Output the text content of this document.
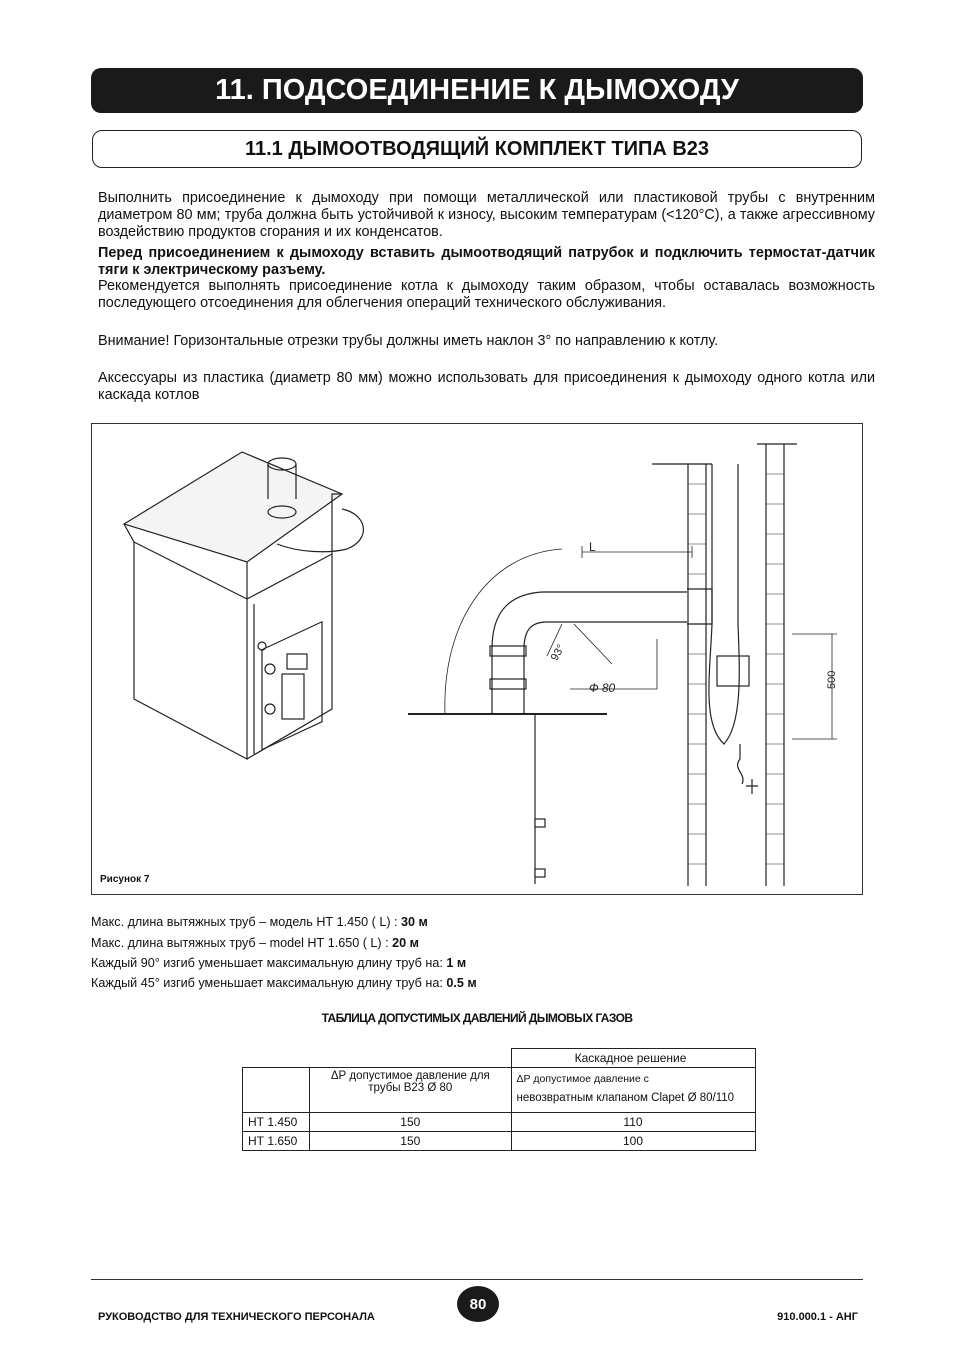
11. ПОДСОЕДИНЕНИЕ К ДЫМОХОДУ
11.1 ДЫМООТВОДЯЩИЙ КОМПЛЕКТ ТИПА В23

Выполнить присоединение к дымоходу при помощи металлической или пластиковой трубы с внутренним диаметром 80 мм; труба должна быть устойчивой к износу, высоким температурам (<120°С), а также агрессивному воздействию продуктов сгорания и их конденсатов.

Перед присоединением к дымоходу вставить дымоотводящий патрубок и подключить термостат-датчик тяги к электрическому разъему.

Рекомендуется выполнять присоединение котла к дымоходу таким образом, чтобы оставалась возможность последующего отсоединения для облегчения операций технического обслуживания.

Внимание! Горизонтальные отрезки трубы должны иметь наклон 3° по направлению к котлу.

Аксессуары из пластика (диаметр 80 мм) можно использовать для присоединения к дымоходу одного котла или каскада котлов

L
93°
Ф 80	500
Рисунок 7
Макс. длина вытяжных труб – модель НТ 1.450 ( L) : 30 м
Макс. длина вытяжных труб – model НТ 1.650 ( L) : 20 м
Каждый 90° изгиб уменьшает максимальную длину труб на: 1 м
Каждый 45° изгиб уменьшает максимальную длину труб на: 0.5 м
ТАБЛИЦА ДОПУСТИМЫХ ДАВЛЕНИЙ ДЫМОВЫХ ГАЗОВ
		Каскадное решение
	ΔР допустимое давление для трубы В23 Ø 80	ΔР допустимое давление с
невозвратным клапаном Clapet Ø 80/110
НТ 1.450	150	110
НТ 1.650	150	100
80
РУКОВОДСТВО ДЛЯ ТЕХНИЧЕСКОГО ПЕРСОНАЛА	910.000.1 - АНГ
